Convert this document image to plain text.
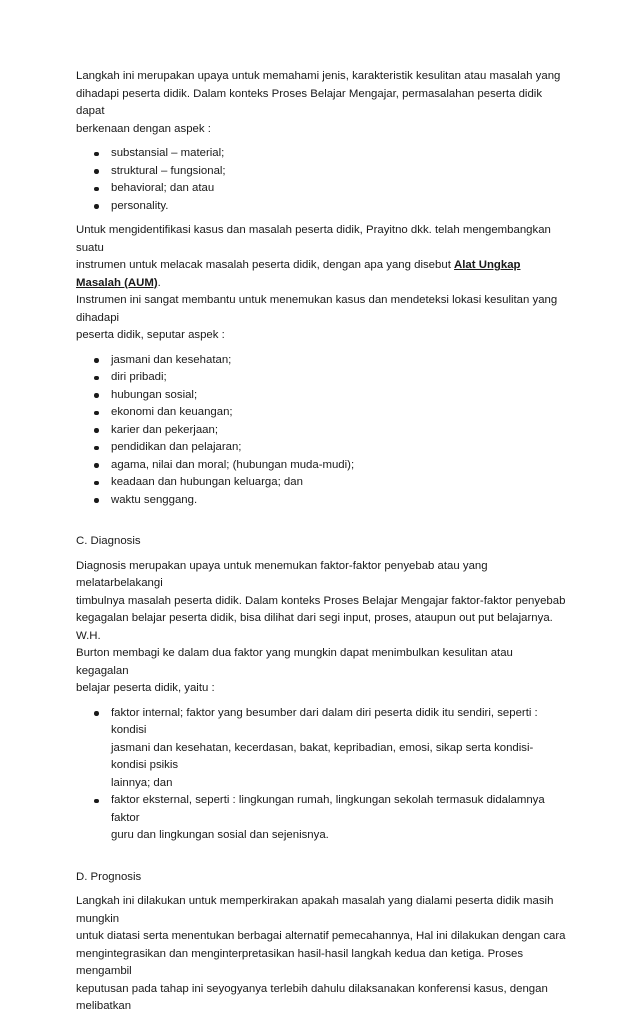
Langkah ini merupakan upaya untuk memahami jenis, karakteristik kesulitan atau masalah yang
dihadapi peserta didik. Dalam konteks Proses Belajar Mengajar, permasalahan peserta didik dapat
berkenaan dengan aspek :

substansial – material;
struktural – fungsional;
behavioral; dan atau
personality.

Untuk mengidentifikasi kasus dan masalah peserta didik, Prayitno dkk. telah mengembangkan suatu
instrumen untuk melacak masalah peserta didik, dengan apa yang disebut Alat Ungkap Masalah (AUM).
Instrumen ini sangat membantu untuk menemukan kasus dan mendeteksi lokasi kesulitan yang dihadapi
peserta didik, seputar aspek :

jasmani dan kesehatan;
diri pribadi;
hubungan sosial;
ekonomi dan keuangan;
karier dan pekerjaan;
pendidikan dan pelajaran;
agama, nilai dan moral; (hubungan muda-mudi);
keadaan dan hubungan keluarga; dan
waktu senggang.

C. Diagnosis

Diagnosis merupakan upaya untuk menemukan faktor-faktor penyebab atau yang melatarbelakangi
timbulnya masalah peserta didik. Dalam konteks Proses Belajar Mengajar faktor-faktor penyebab
kegagalan belajar peserta didik, bisa dilihat dari segi input, proses, ataupun out put belajarnya. W.H.
Burton membagi ke dalam dua faktor yang mungkin dapat menimbulkan kesulitan atau kegagalan
belajar peserta didik, yaitu :

faktor internal; faktor yang besumber dari dalam diri peserta didik itu sendiri, seperti : kondisi
jasmani dan kesehatan, kecerdasan, bakat, kepribadian, emosi, sikap serta kondisi-kondisi psikis
lainnya; dan
faktor eksternal, seperti : lingkungan rumah, lingkungan sekolah termasuk didalamnya faktor
guru dan lingkungan sosial dan sejenisnya.

D. Prognosis

Langkah ini dilakukan untuk memperkirakan apakah masalah yang dialami peserta didik masih mungkin
untuk diatasi serta menentukan berbagai alternatif pemecahannya, Hal ini dilakukan dengan cara
mengintegrasikan dan menginterpretasikan hasil-hasil langkah kedua dan ketiga. Proses mengambil
keputusan pada tahap ini seyogyanya terlebih dahulu dilaksanakan konferensi kasus, dengan melibatkan
